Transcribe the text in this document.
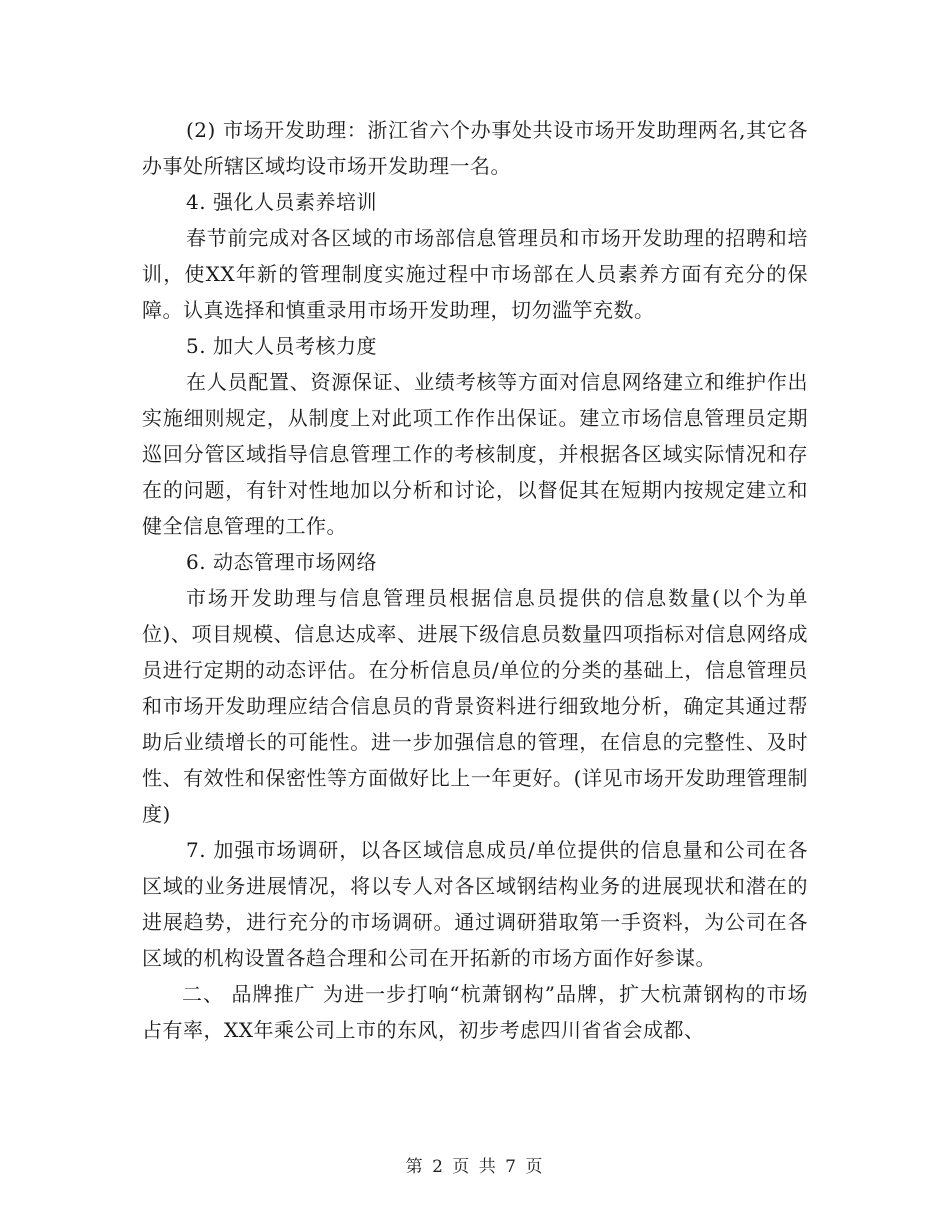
(2) 市场开发助理：浙江省六个办事处共设市场开发助理两名,其它各办事处所辖区域均设市场开发助理一名。

4. 强化人员素养培训

春节前完成对各区域的市场部信息管理员和市场开发助理的招聘和培训，使XX年新的管理制度实施过程中市场部在人员素养方面有充分的保障。认真选择和慎重录用市场开发助理，切勿滥竽充数。

5. 加大人员考核力度

在人员配置、资源保证、业绩考核等方面对信息网络建立和维护作出实施细则规定，从制度上对此项工作作出保证。建立市场信息管理员定期巡回分管区域指导信息管理工作的考核制度，并根据各区域实际情况和存在的问题，有针对性地加以分析和讨论，以督促其在短期内按规定建立和健全信息管理的工作。

6. 动态管理市场网络

市场开发助理与信息管理员根据信息员提供的信息数量(以个为单位)、项目规模、信息达成率、进展下级信息员数量四项指标对信息网络成员进行定期的动态评估。在分析信息员/单位的分类的基础上，信息管理员和市场开发助理应结合信息员的背景资料进行细致地分析，确定其通过帮助后业绩增长的可能性。进一步加强信息的管理，在信息的完整性、及时性、有效性和保密性等方面做好比上一年更好。(详见市场开发助理管理制度)

7. 加强市场调研，以各区域信息成员/单位提供的信息量和公司在各区域的业务进展情况，将以专人对各区域钢结构业务的进展现状和潜在的进展趋势，进行充分的市场调研。通过调研猎取第一手资料，为公司在各区域的机构设置各趋合理和公司在开拓新的市场方面作好参谋。

二、 品牌推广 为进一步打响“杭萧钢构”品牌，扩大杭萧钢构的市场占有率，XX年乘公司上市的东风，初步考虑四川省省会成都、

第 2 页 共 7 页
